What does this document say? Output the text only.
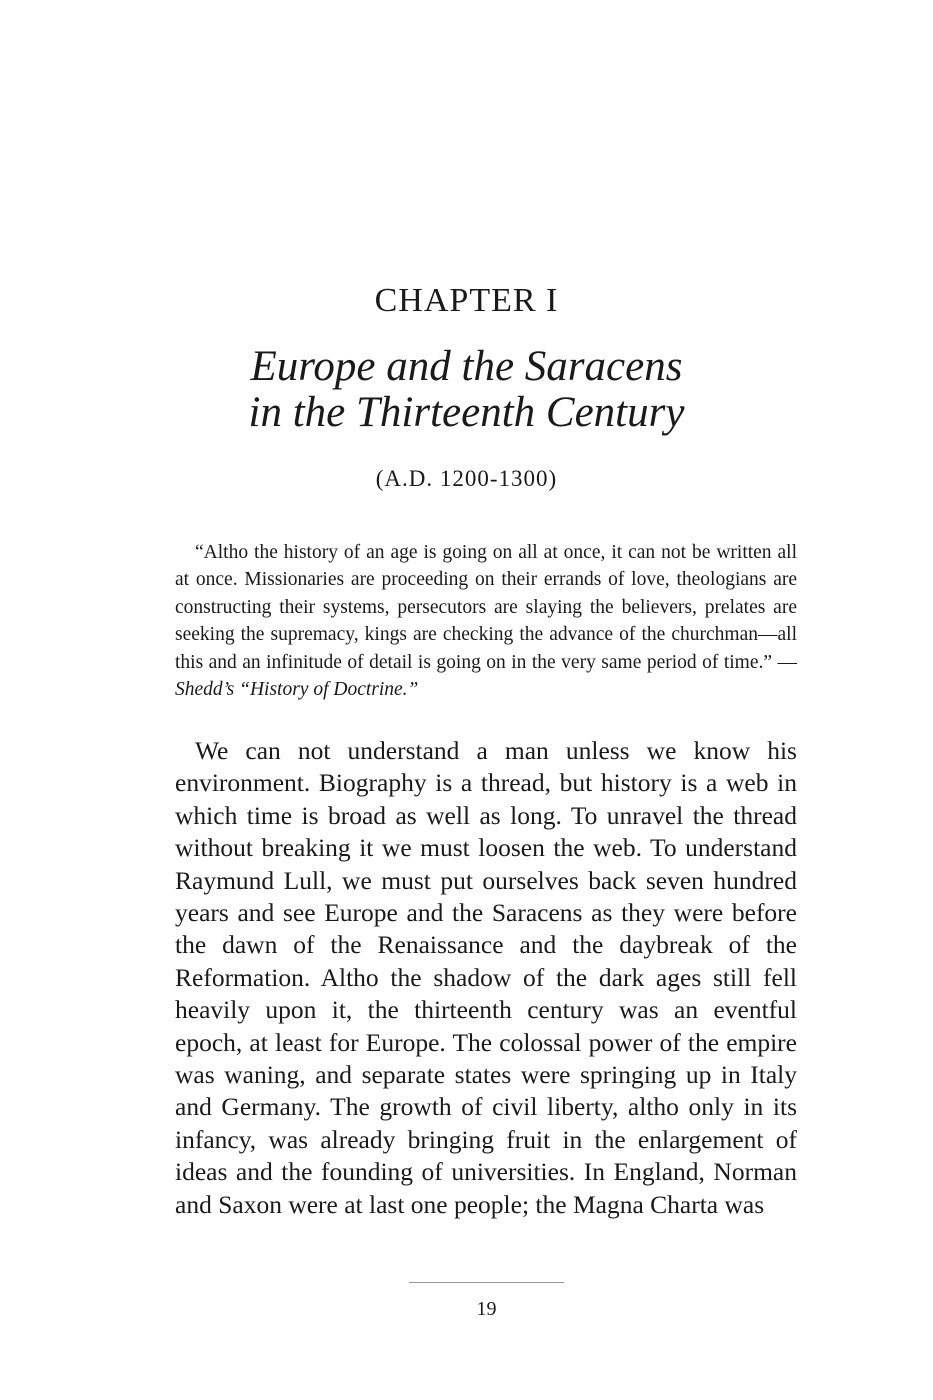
CHAPTER I
Europe and the Saracens
in the Thirteenth Century

(A.D. 1200-1300)

“Altho the history of an age is going on all at once, it can not be written all at once. Missionaries are proceeding on their errands of love, theologians are constructing their systems, persecutors are slaying the believers, prelates are seeking the supremacy, kings are checking the advance of the churchman—all this and an infinitude of detail is going on in the very same period of time.” —Shedd’s “History of Doctrine.”

We can not understand a man unless we know his environment. Biography is a thread, but history is a web in which time is broad as well as long. To unravel the thread without breaking it we must loosen the web. To understand Raymund Lull, we must put ourselves back seven hundred years and see Europe and the Saracens as they were before the dawn of the Renaissance and the daybreak of the Reformation. Altho the shadow of the dark ages still fell heavily upon it, the thirteenth century was an eventful epoch, at least for Europe. The colossal power of the empire was waning, and separate states were springing up in Italy and Germany. The growth of civil liberty, altho only in its infancy, was already bringing fruit in the enlargement of ideas and the founding of universities. In England, Norman and Saxon were at last one people; the Magna Charta was

19
